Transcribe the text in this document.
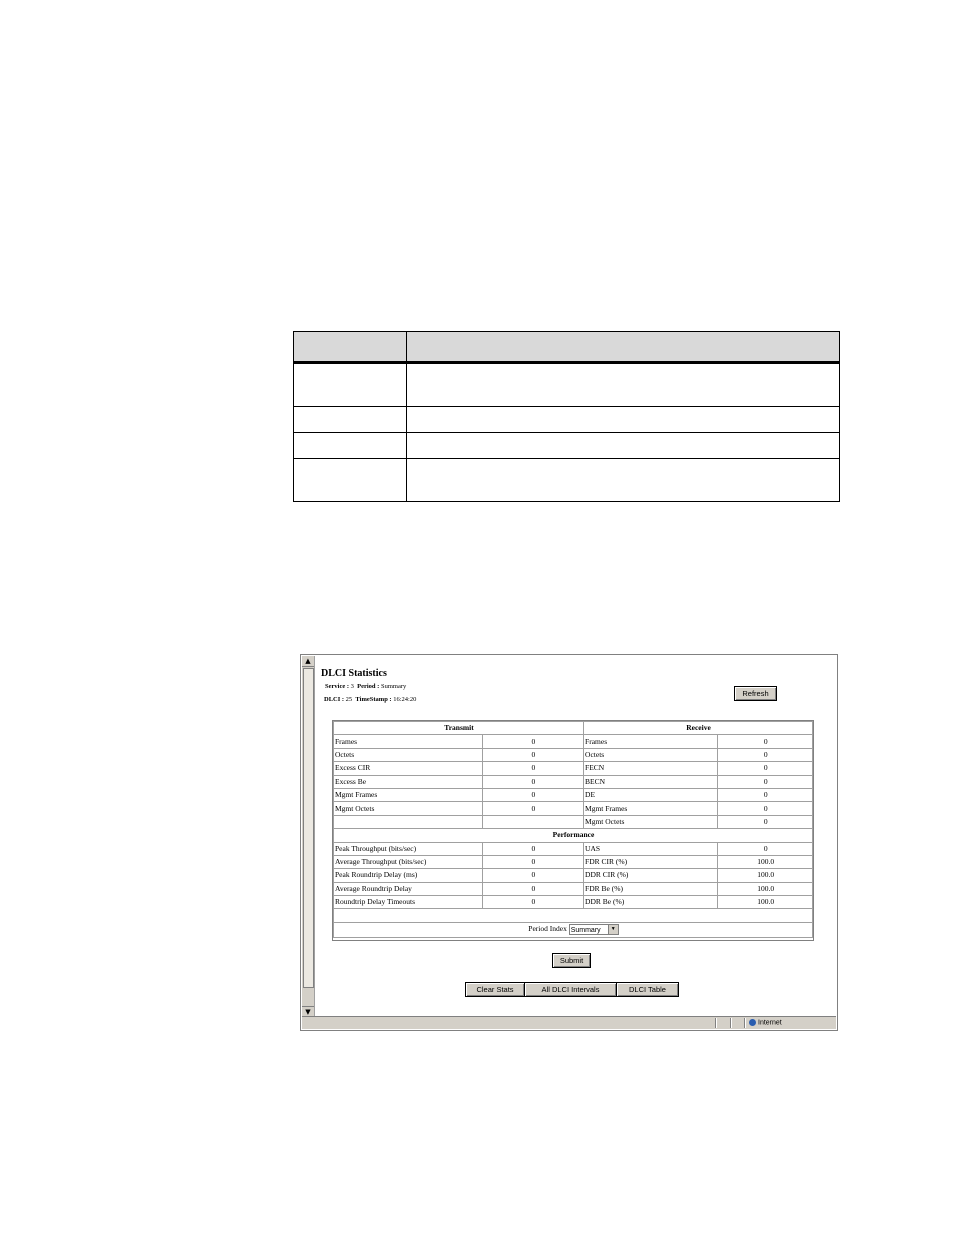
▲
▼
DLCI Statistics
Service : 3 Period : Summary
DLCI : 25 TimeStamp : 16:24:20
Refresh
Transmit		Receive	
Frames	0	Frames	0
Octets	0	Octets	0
Excess CIR	0	FECN	0
Excess Be	0	BECN	0
Mgmt Frames	0	DE	0
Mgmt Octets	0	Mgmt Frames	0
		Mgmt Octets	0
Performance			
Peak Throughput (bits/sec)	0	UAS	0
Average Throughput (bits/sec)	0	FDR CIR (%)	100.0
Peak Roundtrip Delay (ms)	0	DDR CIR (%)	100.0
Average Roundtrip Delay	0	FDR Be (%)	100.0
Roundtrip Delay Timeouts	0	DDR Be (%)	100.0

Period Index Summary ▼			
Submit
Clear Stats	All DLCI Intervals	DLCI Table
Internet
